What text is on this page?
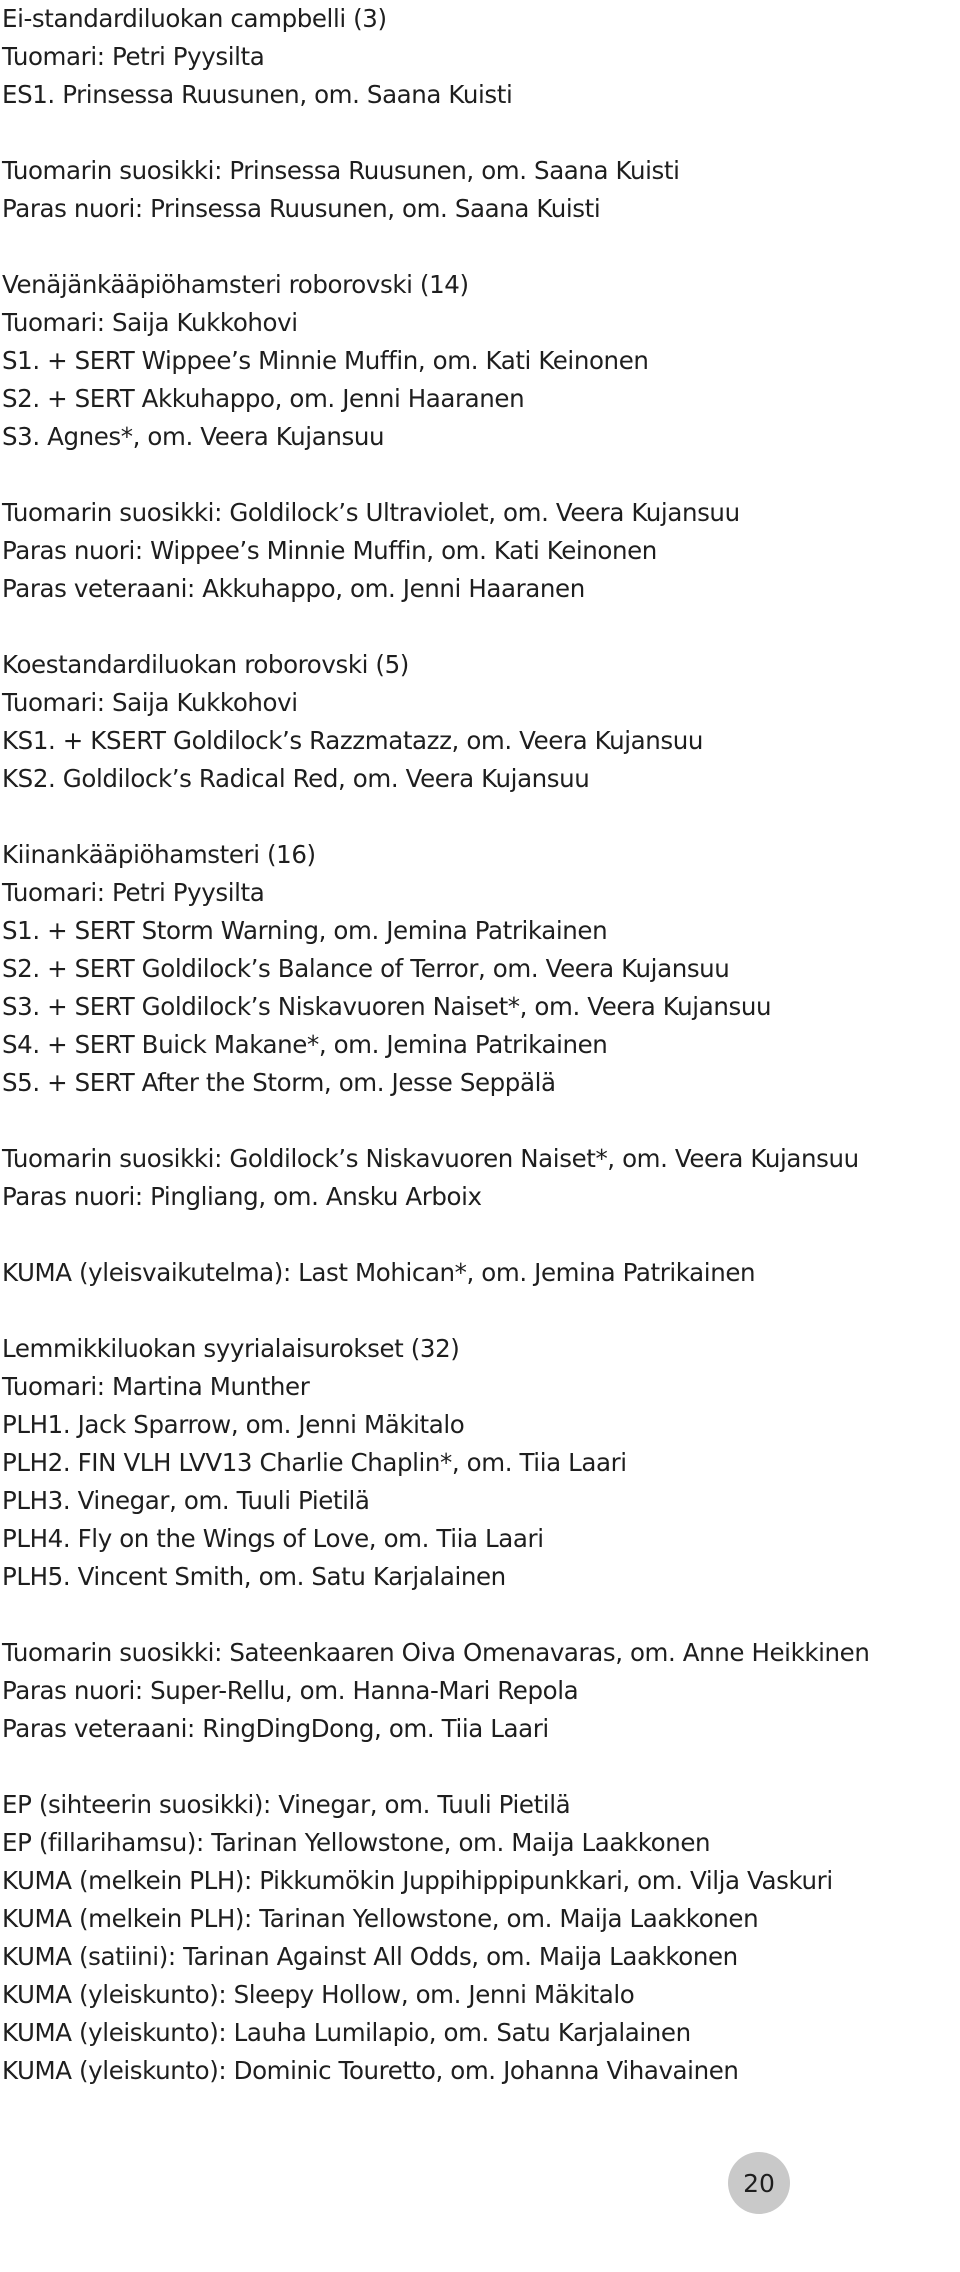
Ei-standardiluokan campbelli (3)
Tuomari: Petri Pyysilta
ES1. Prinsessa Ruusunen, om. Saana Kuisti
Tuomarin suosikki: Prinsessa Ruusunen, om. Saana Kuisti
Paras nuori: Prinsessa Ruusunen, om. Saana Kuisti
Venäjänkääpiöhamsteri roborovski (14)
Tuomari: Saija Kukkohovi
S1. + SERT Wippee’s Minnie Muffin, om. Kati Keinonen
S2. + SERT Akkuhappo, om. Jenni Haaranen
S3. Agnes*, om. Veera Kujansuu
Tuomarin suosikki: Goldilock’s Ultraviolet, om. Veera Kujansuu
Paras nuori: Wippee’s Minnie Muffin, om. Kati Keinonen
Paras veteraani: Akkuhappo, om. Jenni Haaranen
Koestandardiluokan roborovski (5)
Tuomari: Saija Kukkohovi
KS1. + KSERT Goldilock’s Razzmatazz, om. Veera Kujansuu
KS2. Goldilock’s Radical Red, om. Veera Kujansuu
Kiinankääpiöhamsteri (16)
Tuomari: Petri Pyysilta
S1. + SERT Storm Warning, om. Jemina Patrikainen
S2. + SERT Goldilock’s Balance of Terror, om. Veera Kujansuu
S3. + SERT Goldilock’s Niskavuoren Naiset*, om. Veera Kujansuu
S4. + SERT Buick Makane*, om. Jemina Patrikainen
S5. + SERT After the Storm, om. Jesse Seppälä
Tuomarin suosikki: Goldilock’s Niskavuoren Naiset*, om. Veera Kujansuu
Paras nuori: Pingliang, om. Ansku Arboix
KUMA (yleisvaikutelma): Last Mohican*, om. Jemina Patrikainen
Lemmikkiluokan syyrialaisurokset (32)
Tuomari: Martina Munther
PLH1. Jack Sparrow, om. Jenni Mäkitalo
PLH2. FIN VLH LVV13 Charlie Chaplin*, om. Tiia Laari
PLH3. Vinegar, om. Tuuli Pietilä
PLH4. Fly on the Wings of Love, om. Tiia Laari
PLH5. Vincent Smith, om. Satu Karjalainen
Tuomarin suosikki: Sateenkaaren Oiva Omenavaras, om. Anne Heikkinen
Paras nuori: Super-Rellu, om. Hanna-Mari Repola
Paras veteraani: RingDingDong, om. Tiia Laari
EP (sihteerin suosikki): Vinegar, om. Tuuli Pietilä
EP (fillarihamsu): Tarinan Yellowstone, om. Maija Laakkonen
KUMA (melkein PLH): Pikkumökin Juppihippipunkkari, om. Vilja Vaskuri
KUMA (melkein PLH): Tarinan Yellowstone, om. Maija Laakkonen
KUMA (satiini): Tarinan Against All Odds, om. Maija Laakkonen
KUMA (yleiskunto): Sleepy Hollow, om. Jenni Mäkitalo
KUMA (yleiskunto): Lauha Lumilapio, om. Satu Karjalainen
KUMA (yleiskunto): Dominic Touretto, om. Johanna Vihavainen
20
